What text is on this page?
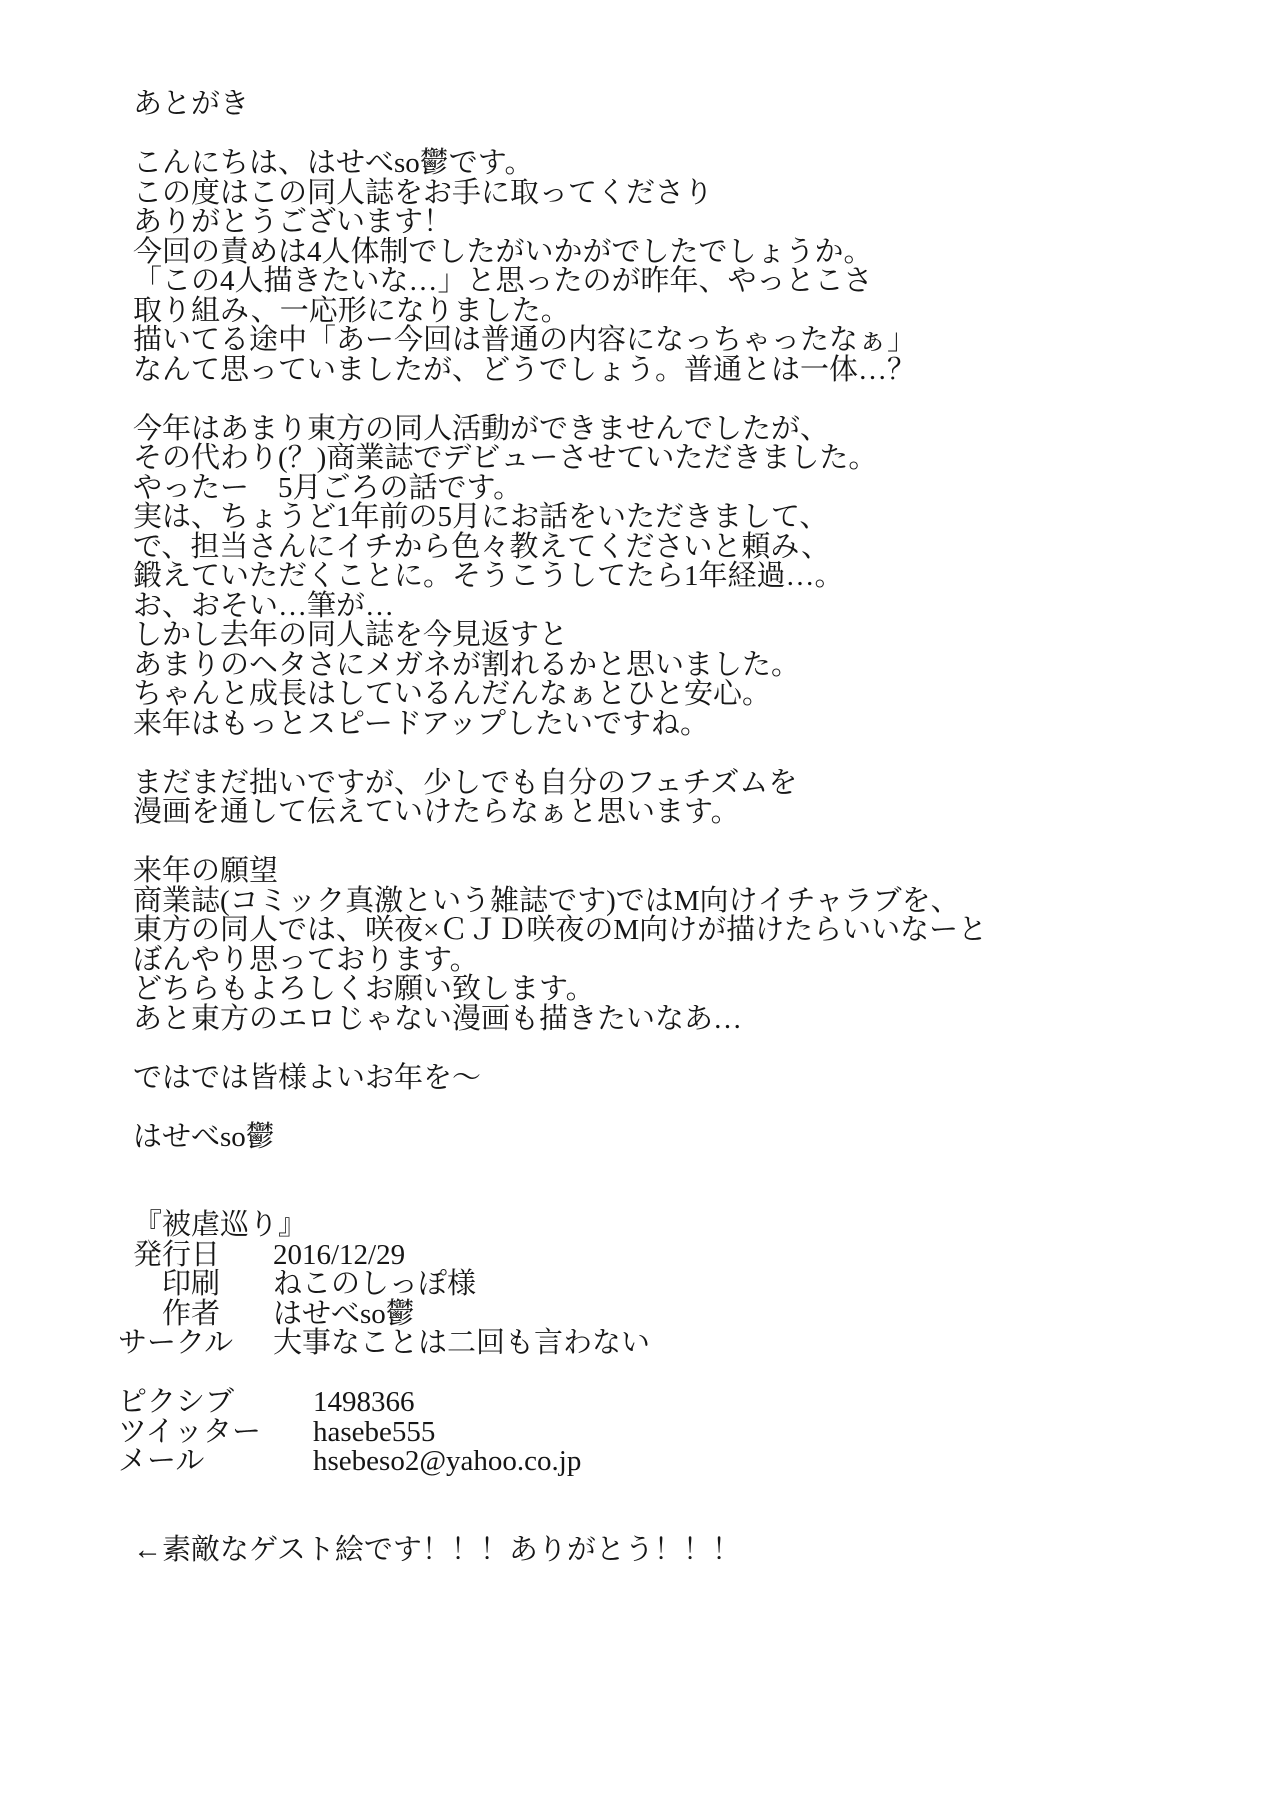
あとがき
こんにちは、はせべso鬱です。
この度はこの同人誌をお手に取ってくださり
ありがとうございます！
今回の責めは4人体制でしたがいかがでしたでしょうか。
「この4人描きたいな…」と思ったのが昨年、やっとこさ
取り組み、一応形になりました。
描いてる途中「あー今回は普通の内容になっちゃったなぁ」
なんて思っていましたが、どうでしょう。普通とは一体…？
今年はあまり東方の同人活動ができませんでしたが、
その代わり(？)商業誌でデビューさせていただきました。
やったー　5月ごろの話です。
実は、ちょうど1年前の5月にお話をいただきまして、
で、担当さんにイチから色々教えてくださいと頼み、
鍛えていただくことに。そうこうしてたら1年経過…。
お、おそい…筆が…
しかし去年の同人誌を今見返すと
あまりのヘタさにメガネが割れるかと思いました。
ちゃんと成長はしているんだんなぁとひと安心。
来年はもっとスピードアップしたいですね。
まだまだ拙いですが、少しでも自分のフェチズムを
漫画を通して伝えていけたらなぁと思います。
来年の願望
商業誌(コミック真激という雑誌です)ではM向けイチャラブを、
東方の同人では、咲夜×ＣＪＤ咲夜のM向けが描けたらいいなーと
ぼんやり思っております。
どちらもよろしくお願い致します。
あと東方のエロじゃない漫画も描きたいなあ…
ではでは皆様よいお年を～
はせべso鬱
『被虐巡り』
発行日 2016/12/29
印刷 ねこのしっぽ様
作者 はせべso鬱
サークル 大事なことは二回も言わない
ピクシブ	1498366
ツイッター hasebe555
メール	hsebeso2@yahoo.co.jp
←素敵なゲスト絵です！！！ありがとう！！！
